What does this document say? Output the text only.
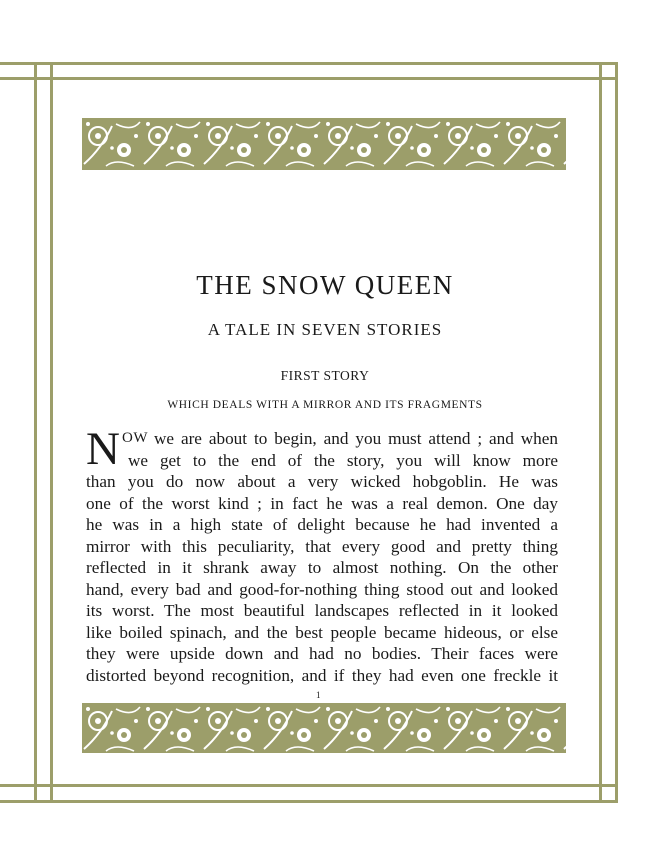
THE SNOW QUEEN
A TALE IN SEVEN STORIES
FIRST STORY
WHICH DEALS WITH A MIRROR AND ITS FRAGMENTS
N OW we are about to begin, and you must attend ; and when
we get to the end of the story, you will know more
than you do now about a very wicked hobgoblin. He was
one of the worst kind ; in fact he was a real demon. One day
he was in a high state of delight because he had invented a
mirror with this peculiarity, that every good and pretty thing
reflected in it shrank away to almost nothing. On the other
hand, every bad and good-for-nothing thing stood out and looked
its worst. The most beautiful landscapes reflected in it looked
like boiled spinach, and the best people became hideous, or else
they were upside down and had no bodies. Their faces were
distorted beyond recognition, and if they had even one freckle it
1
